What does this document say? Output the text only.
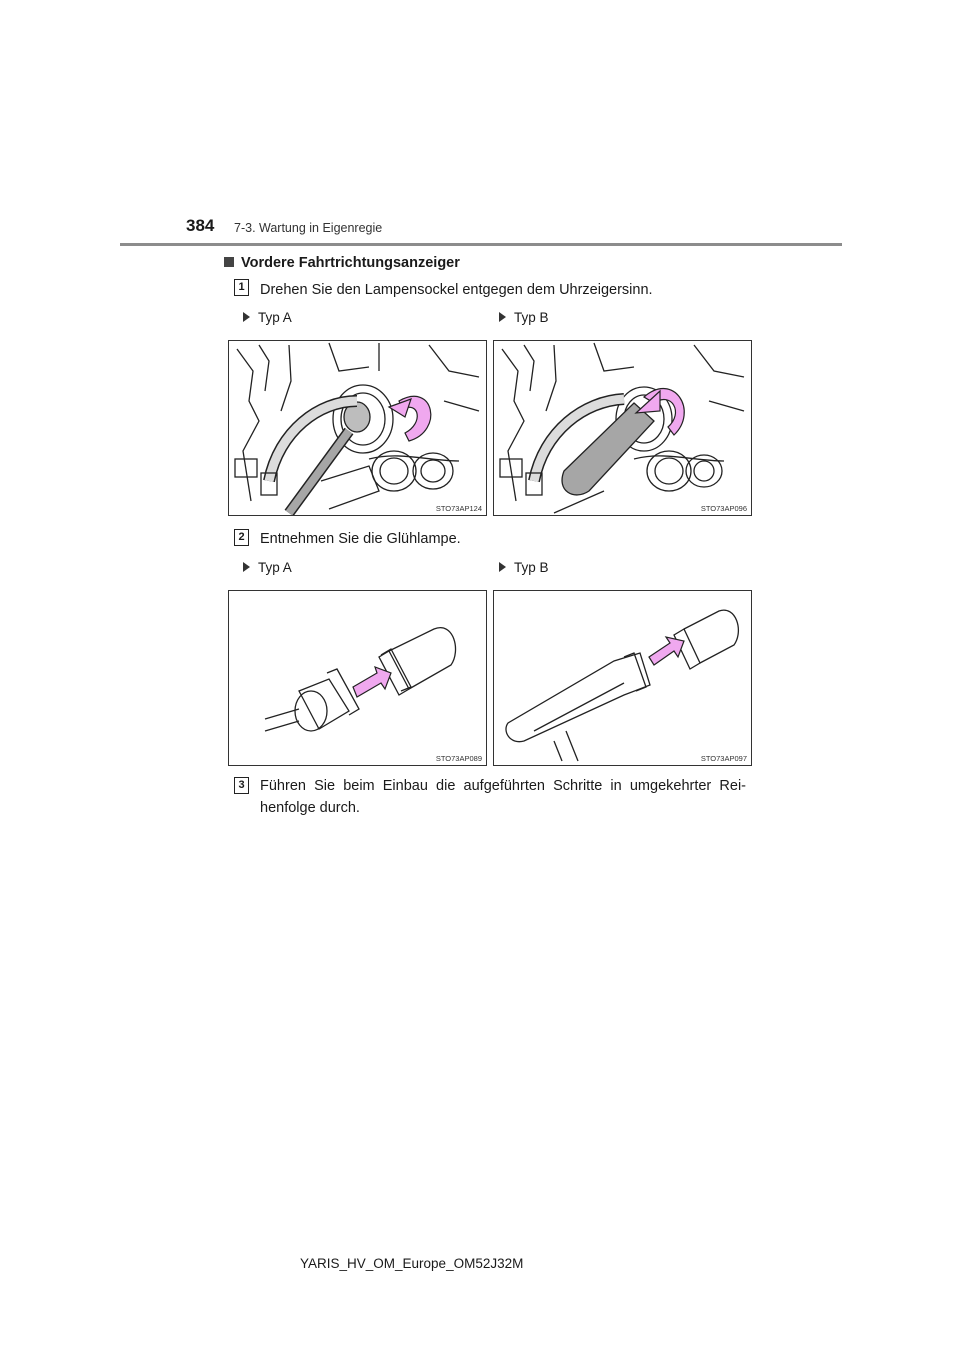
384 7-3. Wartung in Eigenregie
Vordere Fahrtrichtungsanzeiger
1	Drehen Sie den Lampensockel entgegen dem Uhrzeigersinn.
Typ A	Typ B
STO73AP124	STO73AP096
2	Entnehmen Sie die Glühlampe.
Typ A	Typ B
STO73AP089	STO73AP097
3	Führen Sie beim Einbau die aufgeführten Schritte in umgekehrter Rei- henfolge durch.
YARIS_HV_OM_Europe_OM52J32M
